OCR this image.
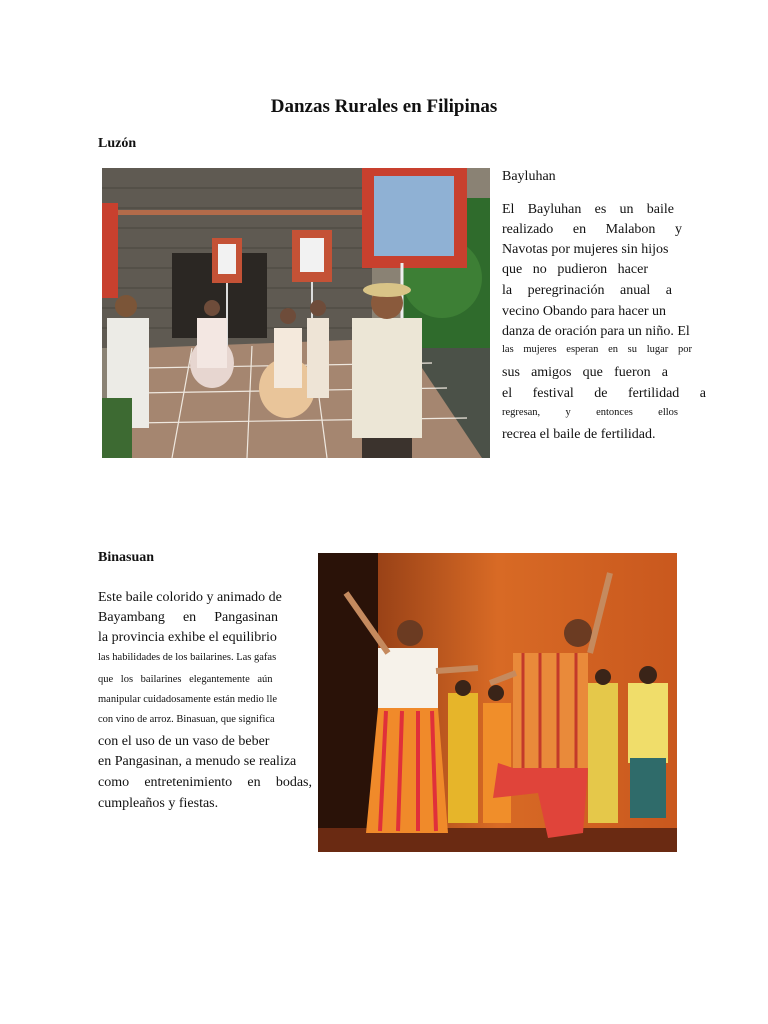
Danzas Rurales en Filipinas
Luzón
Bayluhan
El Bayluhan es un baile
realizado en Malabon y
Navotas por mujeres sin hijos
que no pudieron hacer
la peregrinación anual a
vecino Obando para hacer un
danza de oración para un niño. El
las mujeres esperan en su lugar por
sus amigos que fueron a
el festival de fertilidad a
regresan, y entonces ellos
recrea el baile de fertilidad.
Binasuan
Este baile colorido y animado de
Bayambang en Pangasinan
la provincia exhibe el equilibrio
las habilidades de los bailarines. Las gafas
que los bailarines elegantemente aún
manipular cuidadosamente están medio lle
con vino de arroz. Binasuan, que significa
con el uso de un vaso de beber
en Pangasinan, a menudo se realiza
como entretenimiento en bodas,
cumpleaños y fiestas.
